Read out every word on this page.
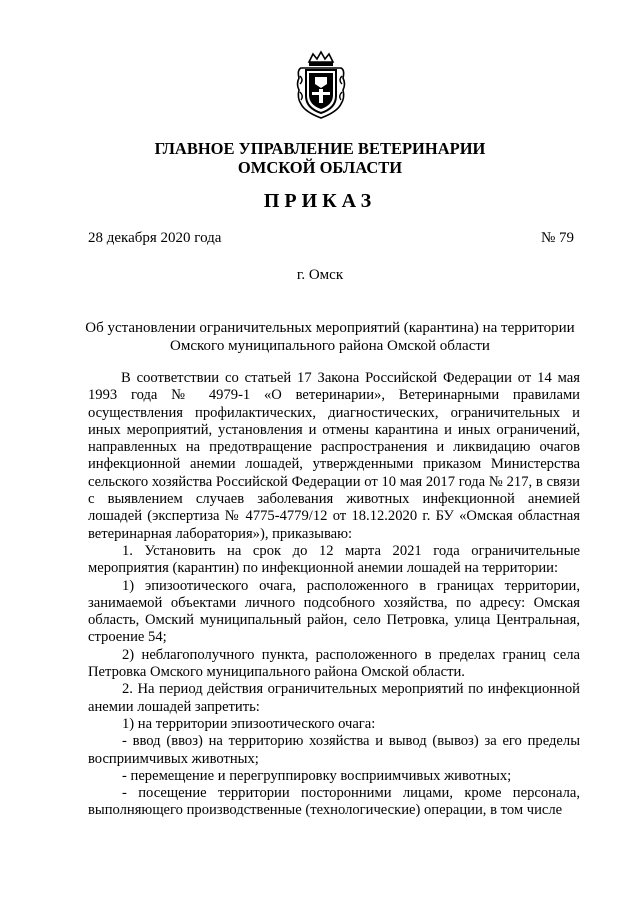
ГЛАВНОЕ УПРАВЛЕНИЕ ВЕТЕРИНАРИИ
ОМСКОЙ ОБЛАСТИ
ПРИКАЗ
28 декабря 2020 года	№ 79
г. Омск
Об установлении ограничительных мероприятий (карантина) на территории
Омского муниципального района Омской области

В соответствии со статьей 17 Закона Российской Федерации от 14 мая 1993 года № 4979-1 «О ветеринарии», Ветеринарными правилами осуществления профилактических, диагностических, ограничительных и иных мероприятий, установления и отмены карантина и иных ограничений, направленных на предотвращение распространения и ликвидацию очагов инфекционной анемии лошадей, утвержденными приказом Министерства сельского хозяйства Российской Федерации от 10 мая 2017 года № 217, в связи с выявлением случаев заболевания животных инфекционной анемией лошадей (экспертиза № 4775-4779/12 от 18.12.2020 г. БУ «Омская областная ветеринарная лаборатория»), приказываю:

1. Установить на срок до 12 марта 2021 года ограничительные мероприятия (карантин) по инфекционной анемии лошадей на территории:

1) эпизоотического очага, расположенного в границах территории, занимаемой объектами личного подсобного хозяйства, по адресу: Омская область, Омский муниципальный район, село Петровка, улица Центральная, строение 54;

2) неблагополучного пункта, расположенного в пределах границ села Петровка Омского муниципального района Омской области.

2. На период действия ограничительных мероприятий по инфекционной анемии лошадей запретить:

1) на территории эпизоотического очага:

- ввод (ввоз) на территорию хозяйства и вывод (вывоз) за его пределы восприимчивых животных;

- перемещение и перегруппировку восприимчивых животных;

- посещение территории посторонними лицами, кроме персонала, выполняющего производственные (технологические) операции, в том числе
